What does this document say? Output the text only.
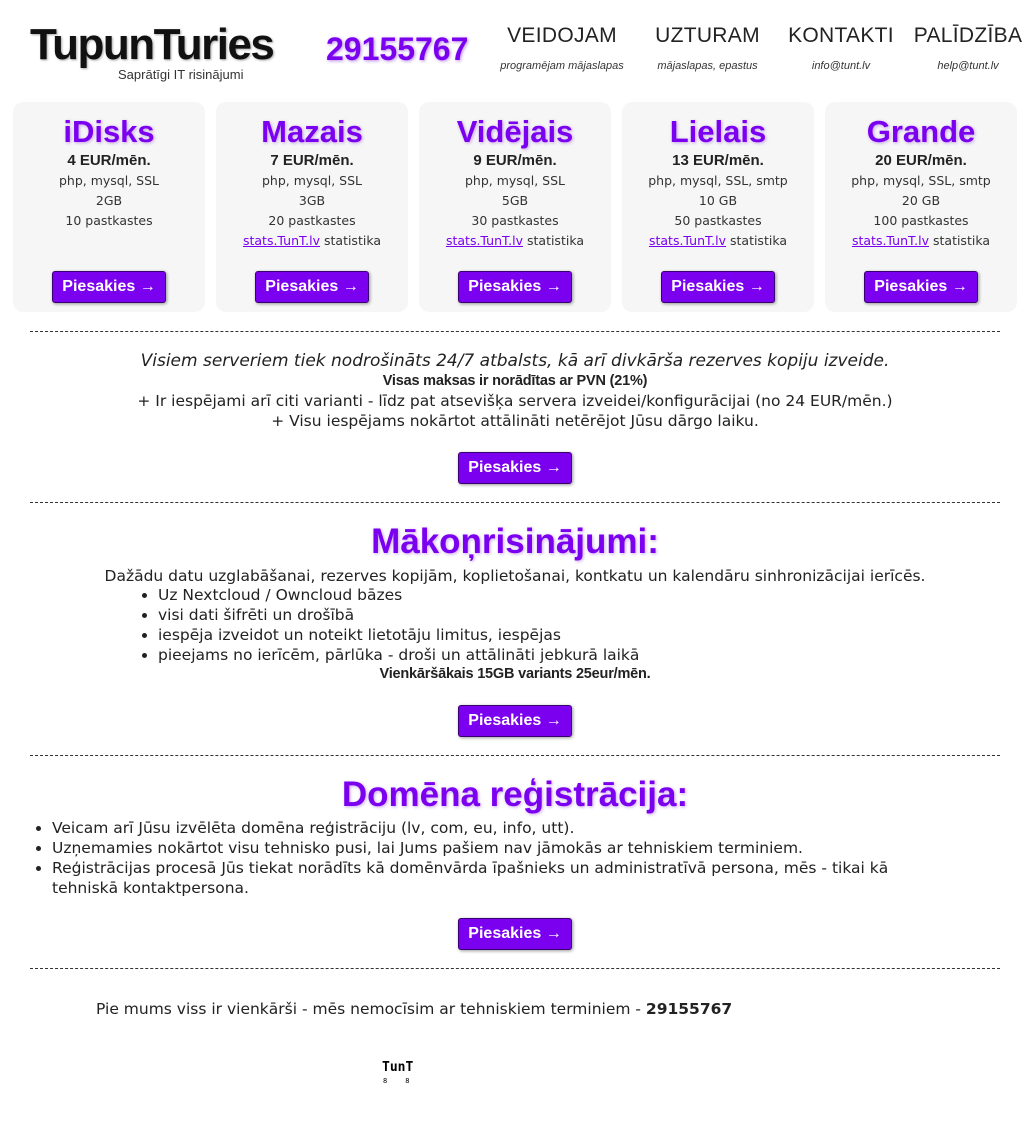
TupunTuries
Saprātīgi IT risinājumi
29155767	VEIDOJAM
programējam mājaslapas
UZTURAM
mājaslapas, epastus
KONTAKTI
info@tunt.lv
PALĪDZĪBA
help@tunt.lv
iDisks
4 EUR/mēn.
php, mysql, SSL
2GB
10 pastkastes
Piesakies →
Mazais
7 EUR/mēn.
php, mysql, SSL
3GB
20 pastkastes
stats.TunT.lv statistika
Piesakies →
Vidējais
9 EUR/mēn.
php, mysql, SSL
5GB
30 pastkastes
stats.TunT.lv statistika
Piesakies →
Lielais
13 EUR/mēn.
php, mysql, SSL, smtp
10 GB
50 pastkastes
stats.TunT.lv statistika
Piesakies →
Grande
20 EUR/mēn.
php, mysql, SSL, smtp
20 GB
100 pastkastes
stats.TunT.lv statistika
Piesakies →
Visiem serveriem tiek nodrošināts 24/7 atbalsts, kā arī divkārša rezerves kopiju izveide.
Visas maksas ir norādītas ar PVN (21%)
+ Ir iespējami arī citi varianti - līdz pat atsevišķa servera izveidei/konfigurācijai (no 24 EUR/mēn.)
+ Visu iespējams nokārtot attālināti netērējot Jūsu dārgo laiku.
Piesakies →
Mākoņrisinājumi:
Dažādu datu uzglabāšanai, rezerves kopijām, koplietošanai, kontkatu un kalendāru sinhronizācijai ierīcēs.
• Uz Nextcloud / Owncloud bāzes
• visi dati šifrēti un drošībā
• iespēja izveidot un noteikt lietotāju limitus, iespējas
• pieejams no ierīcēm, pārlūka - droši un attālināti jebkurā laikā
Vienkāršākais 15GB variants 25eur/mēn.
Piesakies →
Domēna reģistrācija:
• Veicam arī Jūsu izvēlēta domēna reģistrāciju (lv, com, eu, info, utt).
• Uzņemamies nokārtot visu tehnisko pusi, lai Jums pašiem nav jāmokās ar tehniskiem terminiem.
• Reģistrācijas procesā Jūs tiekat norādīts kā domēnvārda īpašnieks un administratīvā persona, mēs - tikai kā tehniskā kontaktpersona.
Piesakies →
Pie mums viss ir vienkārši - mēs nemocīsim ar tehniskiem terminiem - 29155767
TunT
88
